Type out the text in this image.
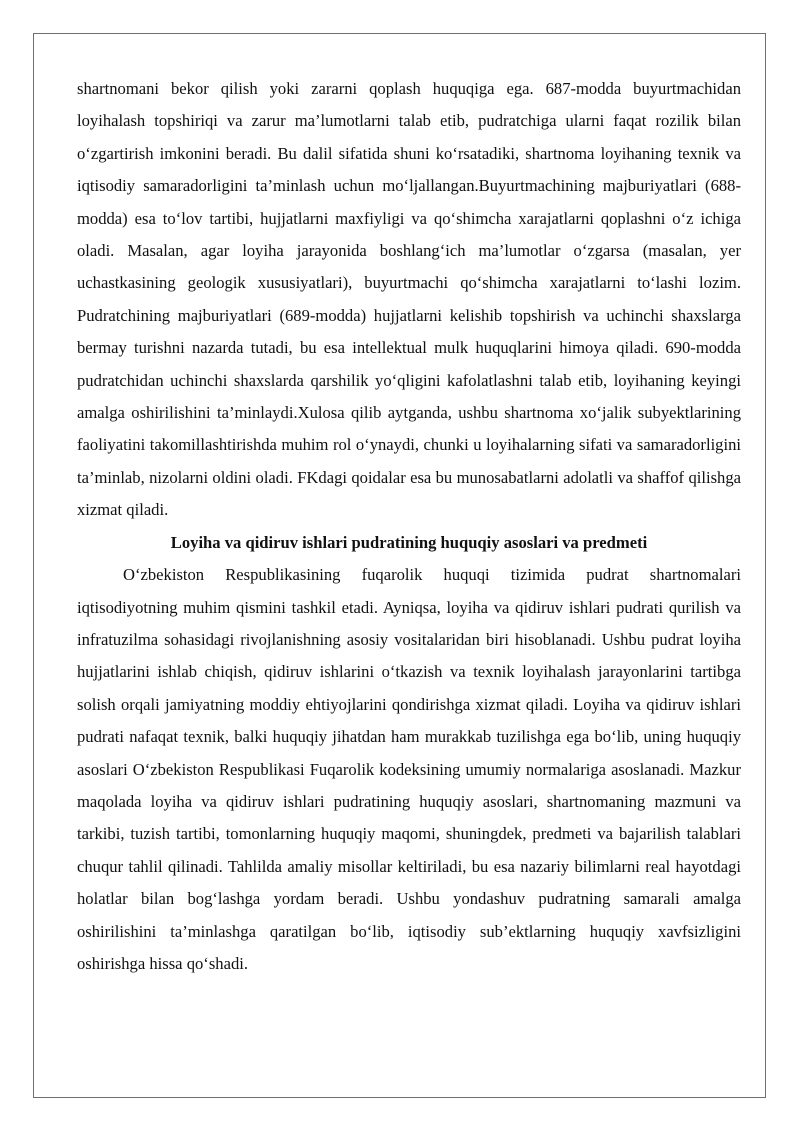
shartnomani bekor qilish yoki zararni qoplash huquqiga ega. 687-modda buyurtmachidan loyihalash topshiriqi va zarur ma’lumotlarni talab etib, pudratchiga ularni faqat rozilik bilan o‘zgartirish imkonini beradi. Bu dalil sifatida shuni ko‘rsatadiki, shartnoma loyihaning texnik va iqtisodiy samaradorligini ta’minlash uchun mo‘ljallangan.Buyurtmachining majburiyatlari (688-modda) esa to‘lov tartibi, hujjatlarni maxfiyligi va qo‘shimcha xarajatlarni qoplashni o‘z ichiga oladi. Masalan, agar loyiha jarayonida boshlang‘ich ma’lumotlar o‘zgarsa (masalan, yer uchastkasining geologik xususiyatlari), buyurtmachi qo‘shimcha xarajatlarni to‘lashi lozim. Pudratchining majburiyatlari (689-modda) hujjatlarni kelishib topshirish va uchinchi shaxslarga bermay turishni nazarda tutadi, bu esa intellektual mulk huquqlarini himoya qiladi. 690-modda pudratchidan uchinchi shaxslarda qarshilik yo‘qligini kafolatlashni talab etib, loyihaning keyingi amalga oshirilishini ta’minlaydi.Xulosa qilib aytganda, ushbu shartnoma xo‘jalik subyektlarining faoliyatini takomillashtirishda muhim rol o‘ynaydi, chunki u loyihalarning sifati va samaradorligini ta’minlab, nizolarni oldini oladi. FKdagi qoidalar esa bu munosabatlarni adolatli va shaffof qilishga xizmat qiladi.

Loyiha va qidiruv ishlari pudratining huquqiy asoslari va predmeti

O‘zbekiston Respublikasining fuqarolik huquqi tizimida pudrat shartnomalari iqtisodiyotning muhim qismini tashkil etadi. Ayniqsa, loyiha va qidiruv ishlari pudrati qurilish va infratuzilma sohasidagi rivojlanishning asosiy vositalaridan biri hisoblanadi. Ushbu pudrat loyiha hujjatlarini ishlab chiqish, qidiruv ishlarini o‘tkazish va texnik loyihalash jarayonlarini tartibga solish orqali jamiyatning moddiy ehtiyojlarini qondirishga xizmat qiladi. Loyiha va qidiruv ishlari pudrati nafaqat texnik, balki huquqiy jihatdan ham murakkab tuzilishga ega bo‘lib, uning huquqiy asoslari O‘zbekiston Respublikasi Fuqarolik kodeksining umumiy normalariga asoslanadi. Mazkur maqolada loyiha va qidiruv ishlari pudratining huquqiy asoslari, shartnomaning mazmuni va tarkibi, tuzish tartibi, tomonlarning huquqiy maqomi, shuningdek, predmeti va bajarilish talablari chuqur tahlil qilinadi. Tahlilda amaliy misollar keltiriladi, bu esa nazariy bilimlarni real hayotdagi holatlar bilan bog‘lashga yordam beradi. Ushbu yondashuv pudratning samarali amalga oshirilishini ta’minlashga qaratilgan bo‘lib, iqtisodiy sub’ektlarning huquqiy xavfsizligini oshirishga hissa qo‘shadi.
